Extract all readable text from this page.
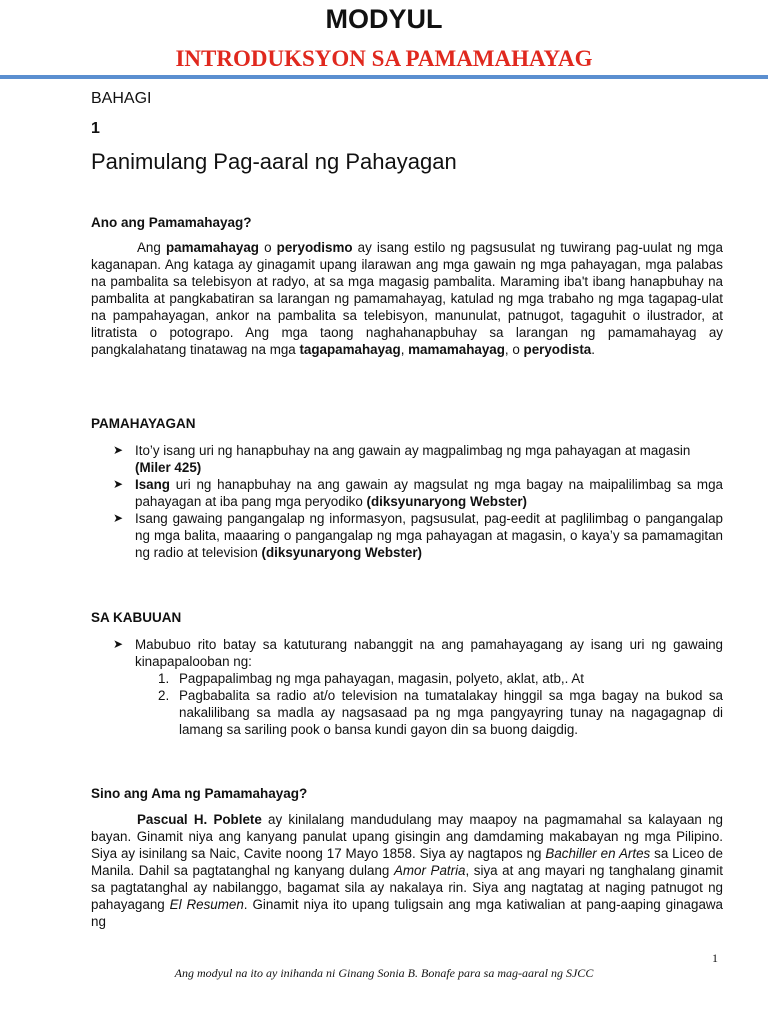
MODYUL
INTRODUKSYON SA PAMAMAHAYAG
BAHAGI
1
Panimulang Pag-aaral ng Pahayagan
Ano ang Pamamahayag?

Ang pamamahayag o peryodismo ay isang estilo ng pagsusulat ng tuwirang pag-uulat ng mga kaganapan. Ang kataga ay ginagamit upang ilarawan ang mga gawain ng mga pahayagan, mga palabas na pambalita sa telebisyon at radyo, at sa mga magasig pambalita. Maraming iba't ibang hanapbuhay na pambalita at pangkabatiran sa larangan ng pamamahayag, katulad ng mga trabaho ng mga tagapag-ulat na pampahayagan, ankor na pambalita sa telebisyon, manunulat, patnugot, tagaguhit o ilustrador, at litratista o potograpo. Ang mga taong naghahanapbuhay sa larangan ng pamamahayag ay pangkalahatang tinatawag na mga tagapamahayag, mamamahayag, o peryodista.

PAMAHAYAGAN
➤ Ito’y isang uri ng hanapbuhay na ang gawain ay magpalimbag ng mga pahayagan at magasin
(Miler 425)
➤ Isang uri ng hanapbuhay na ang gawain ay magsulat ng mga bagay na maipalilimbag sa mga pahayagan at iba pang mga peryodiko (diksyunaryong Webster)
➤ Isang gawaing pangangalap ng informasyon, pagsusulat, pag-eedit at paglilimbag o pangangalap ng mga balita, maaaring o pangangalap ng mga pahayagan at magasin, o kaya’y sa pamamagitan ng radio at television (diksyunaryong Webster)
SA KABUUAN
➤ Mabubuo rito batay sa katuturang nabanggit na ang pamahayagang ay isang uri ng gawaing kinapapalooban ng:
1. Pagpapalimbag ng mga pahayagan, magasin, polyeto, aklat, atb,. At
2. Pagbabalita sa radio at/o television na tumatalakay hinggil sa mga bagay na bukod sa nakalilibang sa madla ay nagsasaad pa ng mga pangyayring tunay na nagagagnap di lamang sa sariling pook o bansa kundi gayon din sa buong daigdig.
Sino ang Ama ng Pamamahayag?

Pascual H. Poblete ay kinilalang mandudulang may maapoy na pagmamahal sa kalayaan ng bayan. Ginamit niya ang kanyang panulat upang gisingin ang damdaming makabayan ng mga Pilipino. Siya ay isinilang sa Naic, Cavite noong 17 Mayo 1858. Siya ay nagtapos ng Bachiller en Artes sa Liceo de Manila. Dahil sa pagtatanghal ng kanyang dulang Amor Patria, siya at ang mayari ng tanghalang ginamit sa pagtatanghal ay nabilanggo, bagamat sila ay nakalaya rin. Siya ang nagtatag at naging patnugot ng pahayagang El Resumen. Ginamit niya ito upang tuligsain ang mga katiwalian at pang-aaping ginagawa ng

1
Ang modyul na ito ay inihanda ni Ginang Sonia B. Bonafe para sa mag-aaral ng SJCC
